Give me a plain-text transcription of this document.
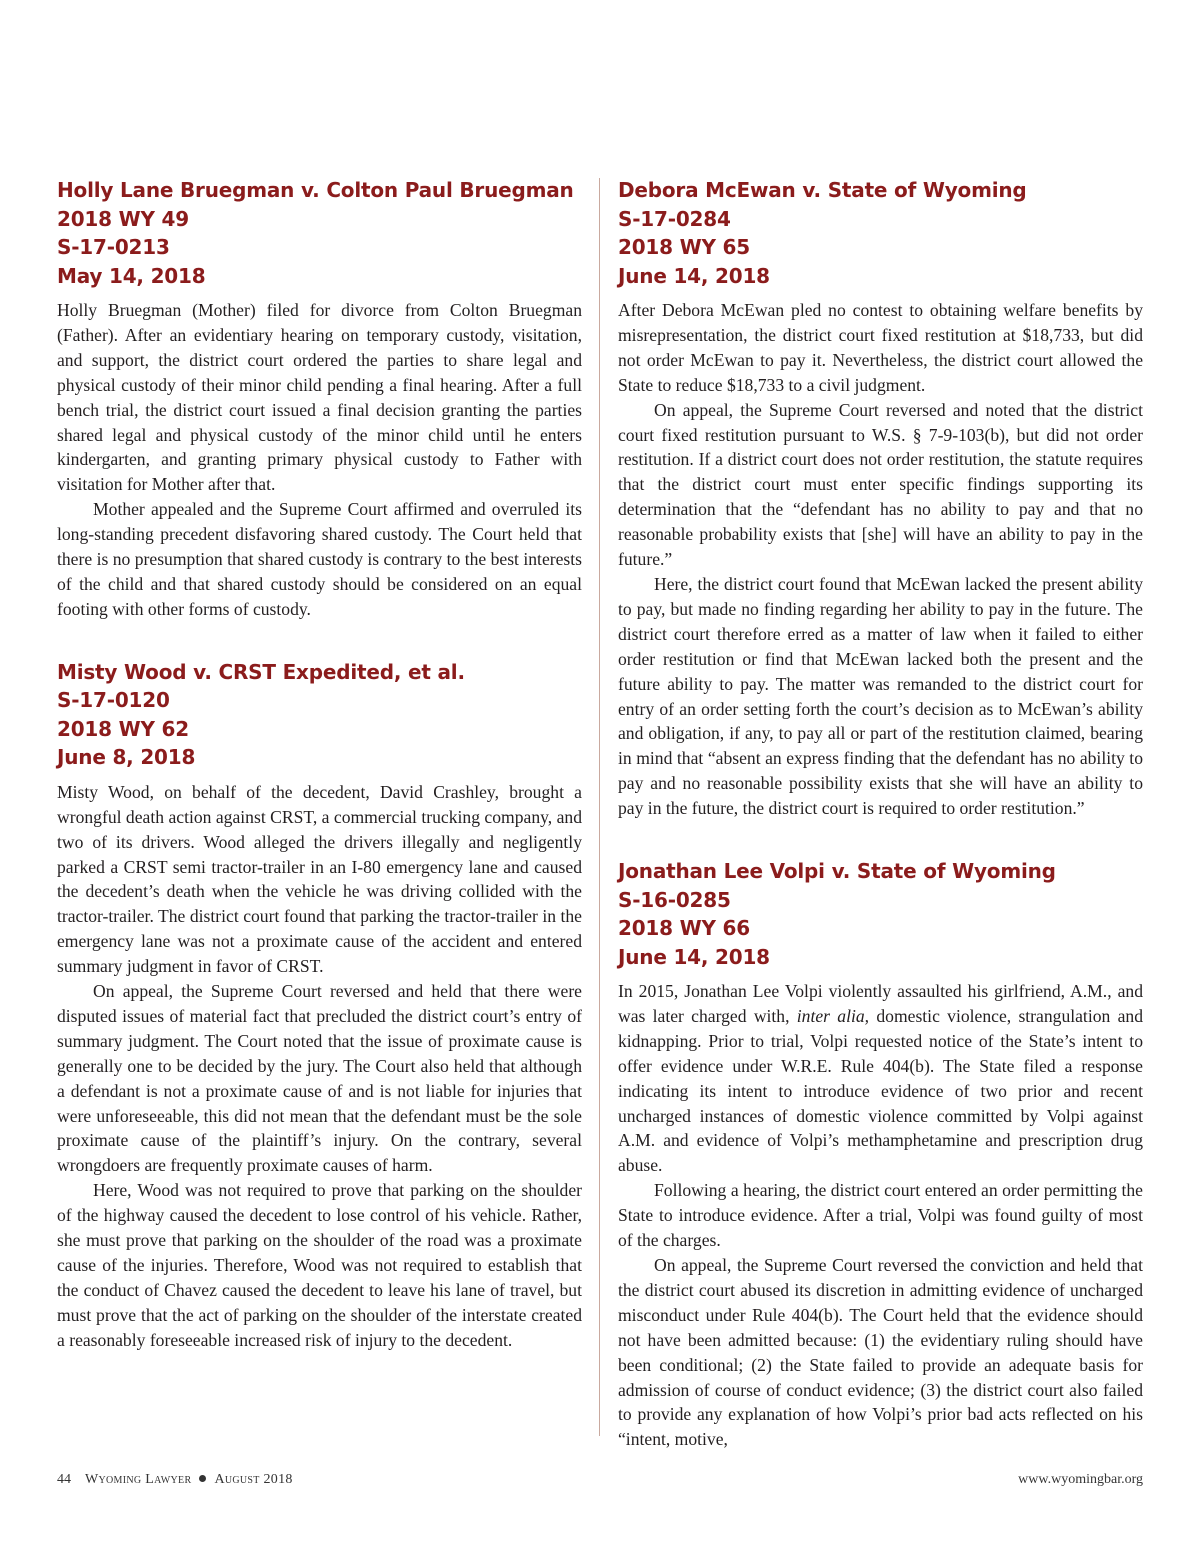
Holly Lane Bruegman v. Colton Paul Bruegman
2018 WY 49
S-17-0213
May 14, 2018

Holly Bruegman (Mother) filed for divorce from Colton Bruegman (Father). After an evidentiary hearing on temporary custody, visitation, and support, the district court ordered the parties to share legal and physical custody of their minor child pending a final hearing. After a full bench trial, the district court issued a final decision granting the parties shared legal and physical custody of the minor child until he enters kindergarten, and granting primary physical custody to Father with visitation for Mother after that.

Mother appealed and the Supreme Court affirmed and overruled its long-standing precedent disfavoring shared custody. The Court held that there is no presumption that shared custody is contrary to the best interests of the child and that shared custody should be considered on an equal footing with other forms of custody.

Misty Wood v. CRST Expedited, et al.
S-17-0120
2018 WY 62
June 8, 2018

Misty Wood, on behalf of the decedent, David Crashley, brought a wrongful death action against CRST, a commercial trucking company, and two of its drivers. Wood alleged the drivers illegally and negligently parked a CRST semi tractor-trailer in an I-80 emergency lane and caused the decedent’s death when the vehicle he was driving collided with the tractor-trailer. The district court found that parking the tractor-trailer in the emergency lane was not a proximate cause of the accident and entered summary judgment in favor of CRST.

On appeal, the Supreme Court reversed and held that there were disputed issues of material fact that precluded the district court’s entry of summary judgment. The Court noted that the issue of proximate cause is generally one to be decided by the jury. The Court also held that although a defendant is not a proximate cause of and is not liable for injuries that were unforeseeable, this did not mean that the defendant must be the sole proximate cause of the plaintiff’s injury. On the contrary, several wrongdoers are frequently proximate causes of harm.

Here, Wood was not required to prove that parking on the shoulder of the highway caused the decedent to lose control of his vehicle. Rather, she must prove that parking on the shoulder of the road was a proximate cause of the injuries. Therefore, Wood was not required to establish that the conduct of Chavez caused the decedent to leave his lane of travel, but must prove that the act of parking on the shoulder of the interstate created a reasonably foreseeable increased risk of injury to the decedent.

Debora McEwan v. State of Wyoming
S-17-0284
2018 WY 65
June 14, 2018

After Debora McEwan pled no contest to obtaining welfare benefits by misrepresentation, the district court fixed restitution at $18,733, but did not order McEwan to pay it. Nevertheless, the district court allowed the State to reduce $18,733 to a civil judgment.

On appeal, the Supreme Court reversed and noted that the district court fixed restitution pursuant to W.S. § 7-9-103(b), but did not order restitution. If a district court does not order restitution, the statute requires that the district court must enter specific findings supporting its determination that the “defendant has no ability to pay and that no reasonable probability exists that [she] will have an ability to pay in the future.”

Here, the district court found that McEwan lacked the present ability to pay, but made no finding regarding her ability to pay in the future. The district court therefore erred as a matter of law when it failed to either order restitution or find that McEwan lacked both the present and the future ability to pay. The matter was remanded to the district court for entry of an order setting forth the court’s decision as to McEwan’s ability and obligation, if any, to pay all or part of the restitution claimed, bearing in mind that “absent an express finding that the defendant has no ability to pay and no reasonable possibility exists that she will have an ability to pay in the future, the district court is required to order restitution.”

Jonathan Lee Volpi v. State of Wyoming
S-16-0285
2018 WY 66
June 14, 2018

In 2015, Jonathan Lee Volpi violently assaulted his girlfriend, A.M., and was later charged with, inter alia, domestic violence, strangulation and kidnapping. Prior to trial, Volpi requested notice of the State’s intent to offer evidence under W.R.E. Rule 404(b). The State filed a response indicating its intent to introduce evidence of two prior and recent uncharged instances of domestic violence committed by Volpi against A.M. and evidence of Volpi’s methamphetamine and prescription drug abuse.

Following a hearing, the district court entered an order permitting the State to introduce evidence. After a trial, Volpi was found guilty of most of the charges.

On appeal, the Supreme Court reversed the conviction and held that the district court abused its discretion in admitting evidence of uncharged misconduct under Rule 404(b). The Court held that the evidence should not have been admitted because: (1) the evidentiary ruling should have been conditional; (2) the State failed to provide an adequate basis for admission of course of conduct evidence; (3) the district court also failed to provide any explanation of how Volpi’s prior bad acts reflected on his “intent, motive,

44 Wyoming Lawyer August 2018	www.wyomingbar.org
